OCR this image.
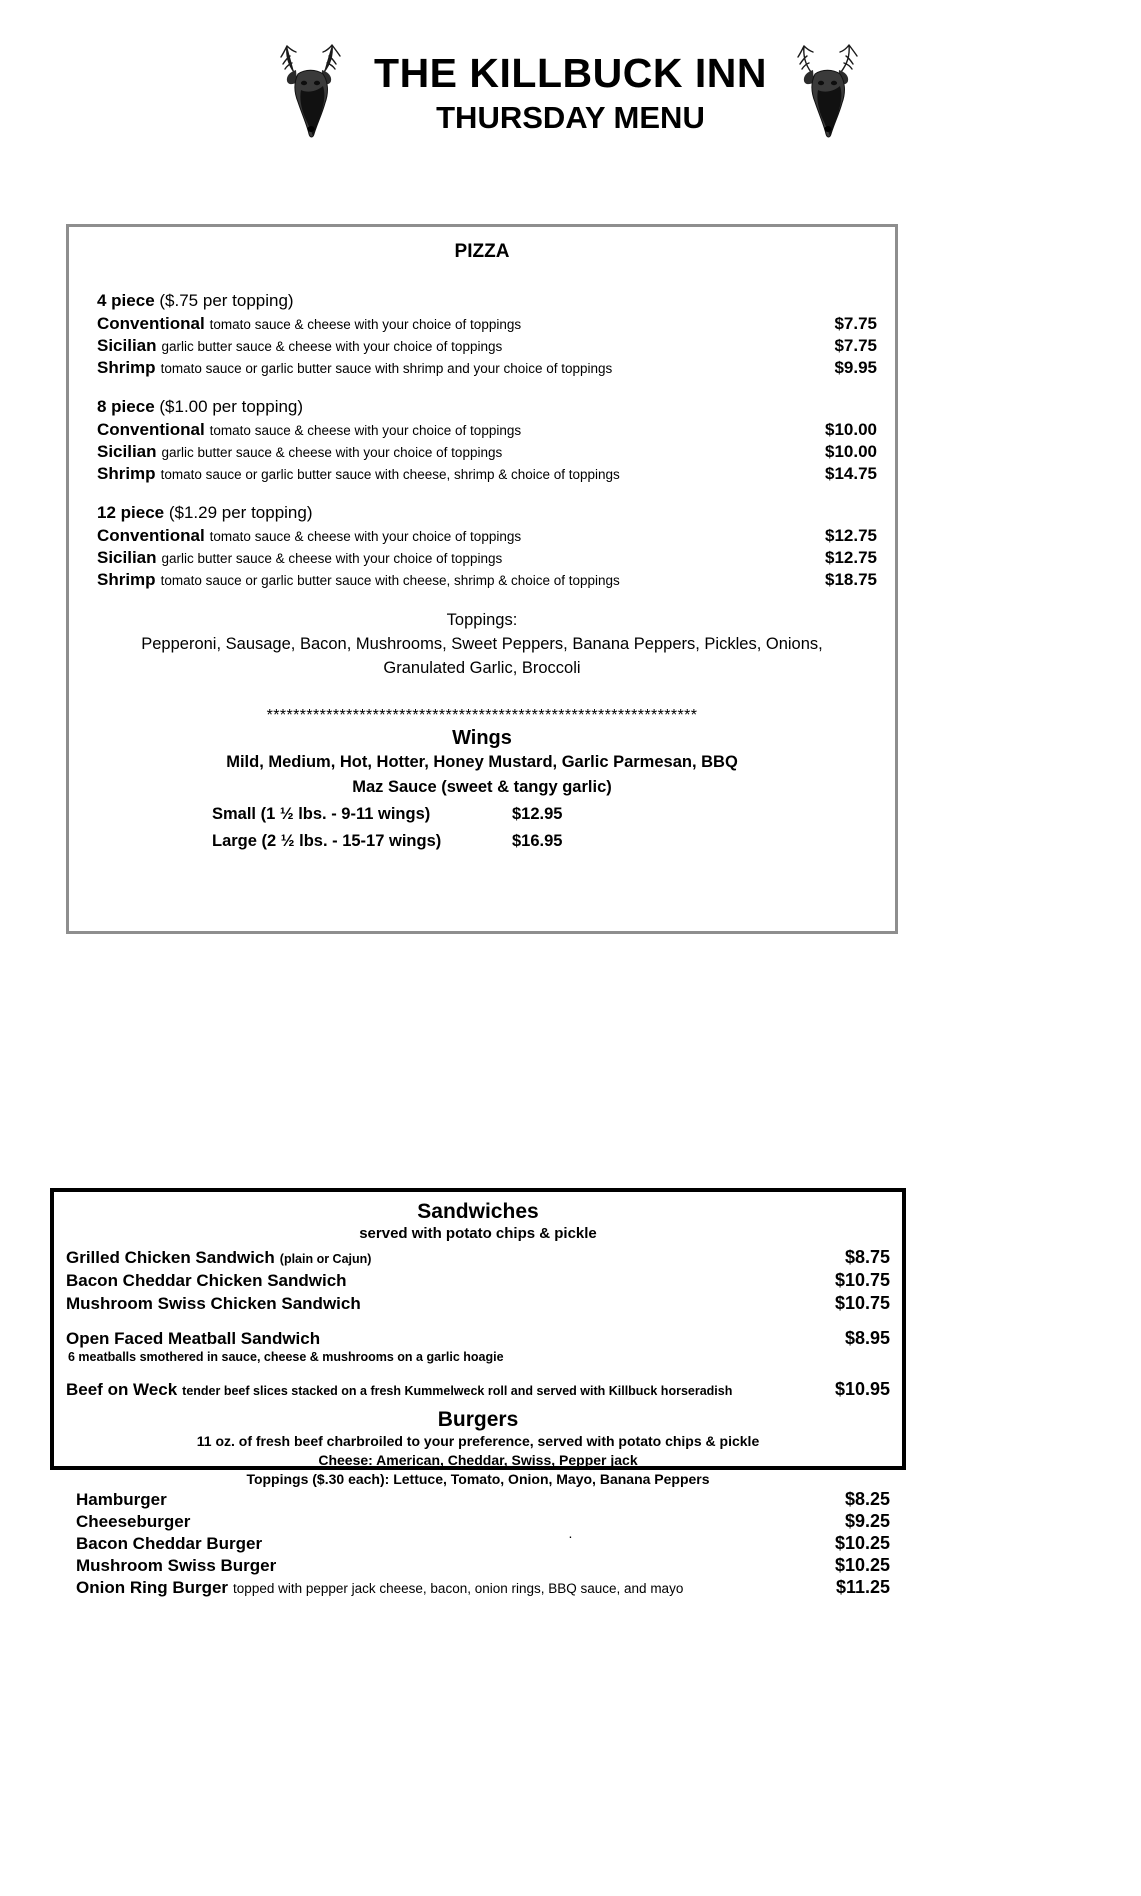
THE KILLBUCK INN
THURSDAY MENU
PIZZA
4 piece ($.75 per topping)
Conventional tomato sauce & cheese with your choice of toppings	$7.75
Sicilian garlic butter sauce & cheese with your choice of toppings	$7.75
Shrimp tomato sauce or garlic butter sauce with shrimp and your choice of toppings	$9.95
8 piece ($1.00 per topping)
Conventional tomato sauce & cheese with your choice of toppings	$10.00
Sicilian garlic butter sauce & cheese with your choice of toppings	$10.00
Shrimp tomato sauce or garlic butter sauce with cheese, shrimp & choice of toppings	$14.75
12 piece ($1.29 per topping)
Conventional tomato sauce & cheese with your choice of toppings	$12.75
Sicilian garlic butter sauce & cheese with your choice of toppings	$12.75
Shrimp tomato sauce or garlic butter sauce with cheese, shrimp & choice of toppings	$18.75
Toppings:
Pepperoni, Sausage, Bacon, Mushrooms, Sweet Peppers, Banana Peppers, Pickles, Onions,
Granulated Garlic, Broccoli
*****************************************************************
Wings
Mild, Medium, Hot, Hotter, Honey Mustard, Garlic Parmesan, BBQ
Maz Sauce (sweet & tangy garlic)
Small (1 ½ lbs. - 9-11 wings)	$12.95
Large (2 ½ lbs. - 15-17 wings)	$16.95
Sandwiches
served with potato chips & pickle
Grilled Chicken Sandwich (plain or Cajun)	$8.75
Bacon Cheddar Chicken Sandwich	$10.75
Mushroom Swiss Chicken Sandwich	$10.75
Open Faced Meatball Sandwich	$8.95
6 meatballs smothered in sauce, cheese & mushrooms on a garlic hoagie
Beef on Weck tender beef slices stacked on a fresh Kummelweck roll and served with Killbuck horseradish	$10.95
Burgers
11 oz. of fresh beef charbroiled to your preference, served with potato chips & pickle
Cheese: American, Cheddar, Swiss, Pepper jack
Toppings ($.30 each): Lettuce, Tomato, Onion, Mayo, Banana Peppers
Hamburger	$8.25
Cheeseburger	$9.25
Bacon Cheddar Burger	$10.25
Mushroom Swiss Burger	$10.25
Onion Ring Burger topped with pepper jack cheese, bacon, onion rings, BBQ sauce, and mayo	$11.25
.
